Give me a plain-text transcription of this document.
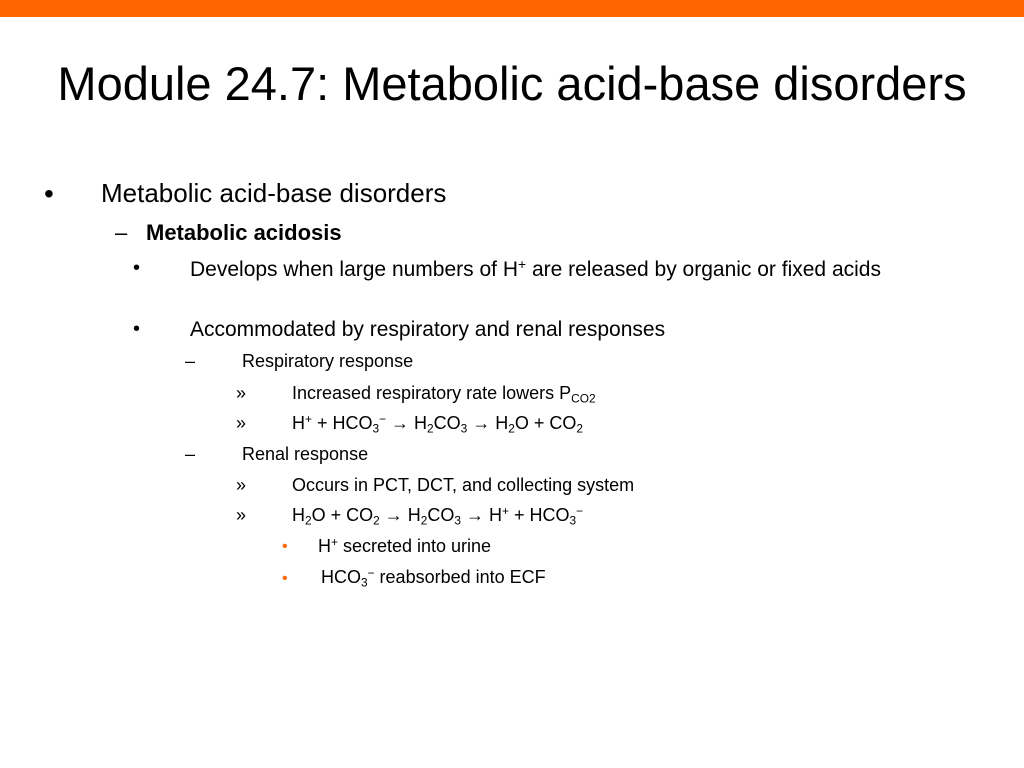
Module 24.7: Metabolic acid-base disorders
• Metabolic acid-base disorders
– Metabolic acidosis
• Develops when large numbers of H+ are released by organic or fixed acids
• Accommodated by respiratory and renal responses
–	Respiratory response
»	Increased respiratory rate lowers $P_{CO2}$
»	$H^+ + HCO_3^- \to H_2CO_3 \to H_2O + CO_2$
–	Renal response
»	Occurs in PCT, DCT, and collecting system
»	$H_2O + CO_2 \to H_2CO_3 \to H^+ + HCO_3^-$
• H+ secreted into urine
• $HCO_3^-$ reabsorbed into ECF
